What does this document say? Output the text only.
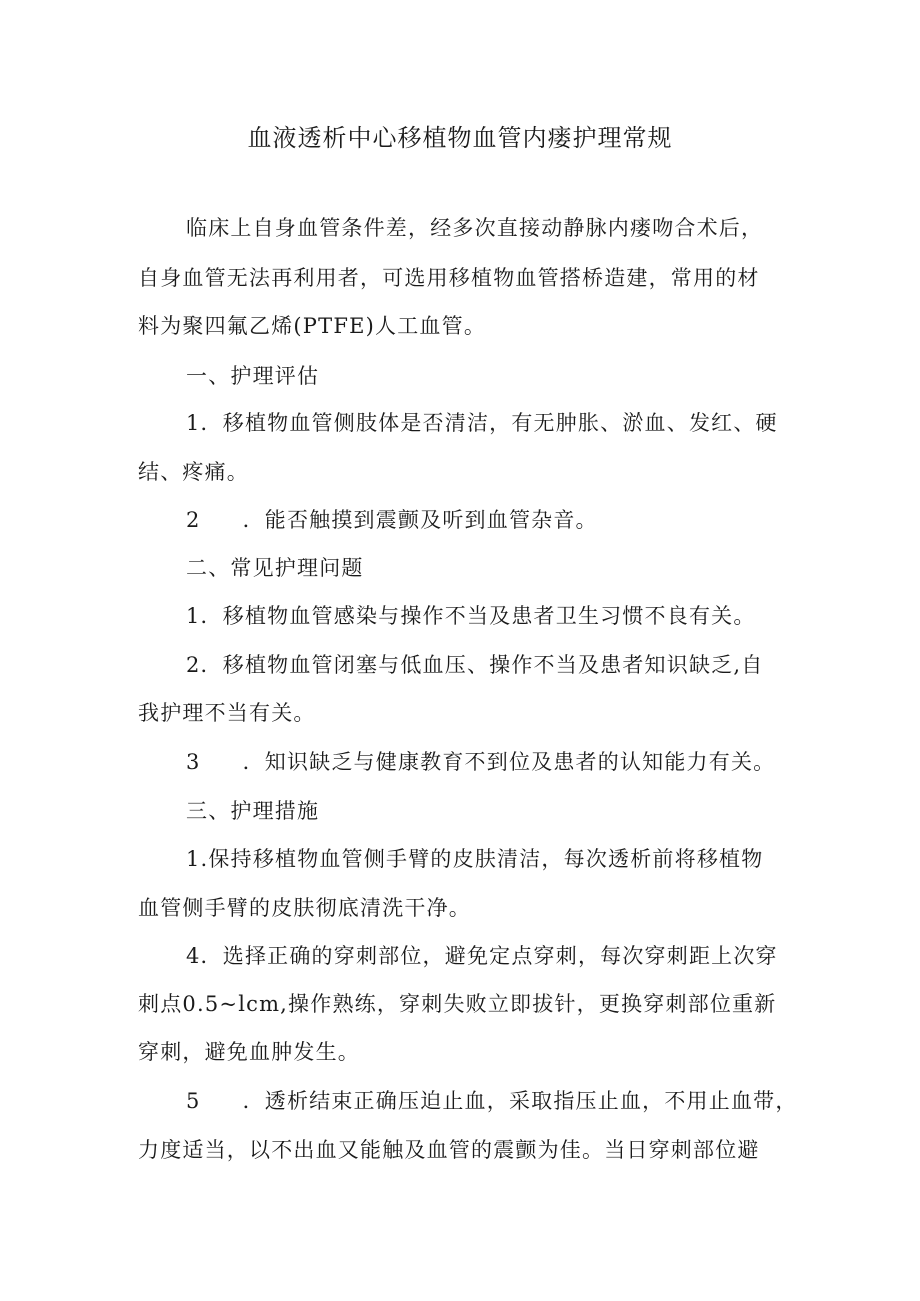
血液透析中心移植物血管内瘘护理常规

临床上自身血管条件差，经多次直接动静脉内瘘吻合术后，

自身血管无法再利用者，可选用移植物血管搭桥造建，常用的材

料为聚四氟乙烯(PTFE)人工血管。

一、护理评估

1．移植物血管侧肢体是否清洁，有无肿胀、淤血、发红、硬

结、疼痛。

2 ．能否触摸到震颤及听到血管杂音。

二、常见护理问题

1．移植物血管感染与操作不当及患者卫生习惯不良有关。

2．移植物血管闭塞与低血压、操作不当及患者知识缺乏,自

我护理不当有关。

3 ．知识缺乏与健康教育不到位及患者的认知能力有关。

三、护理措施

1.保持移植物血管侧手臂的皮肤清洁，每次透析前将移植物

血管侧手臂的皮肤彻底清洗干净。

4．选择正确的穿刺部位，避免定点穿刺，每次穿刺距上次穿

刺点0.5~lcm,操作熟练，穿刺失败立即拔针，更换穿刺部位重新

穿刺，避免血肿发生。

5 ．透析结束正确压迫止血，采取指压止血，不用止血带，

力度适当，以不出血又能触及血管的震颤为佳。当日穿刺部位避
